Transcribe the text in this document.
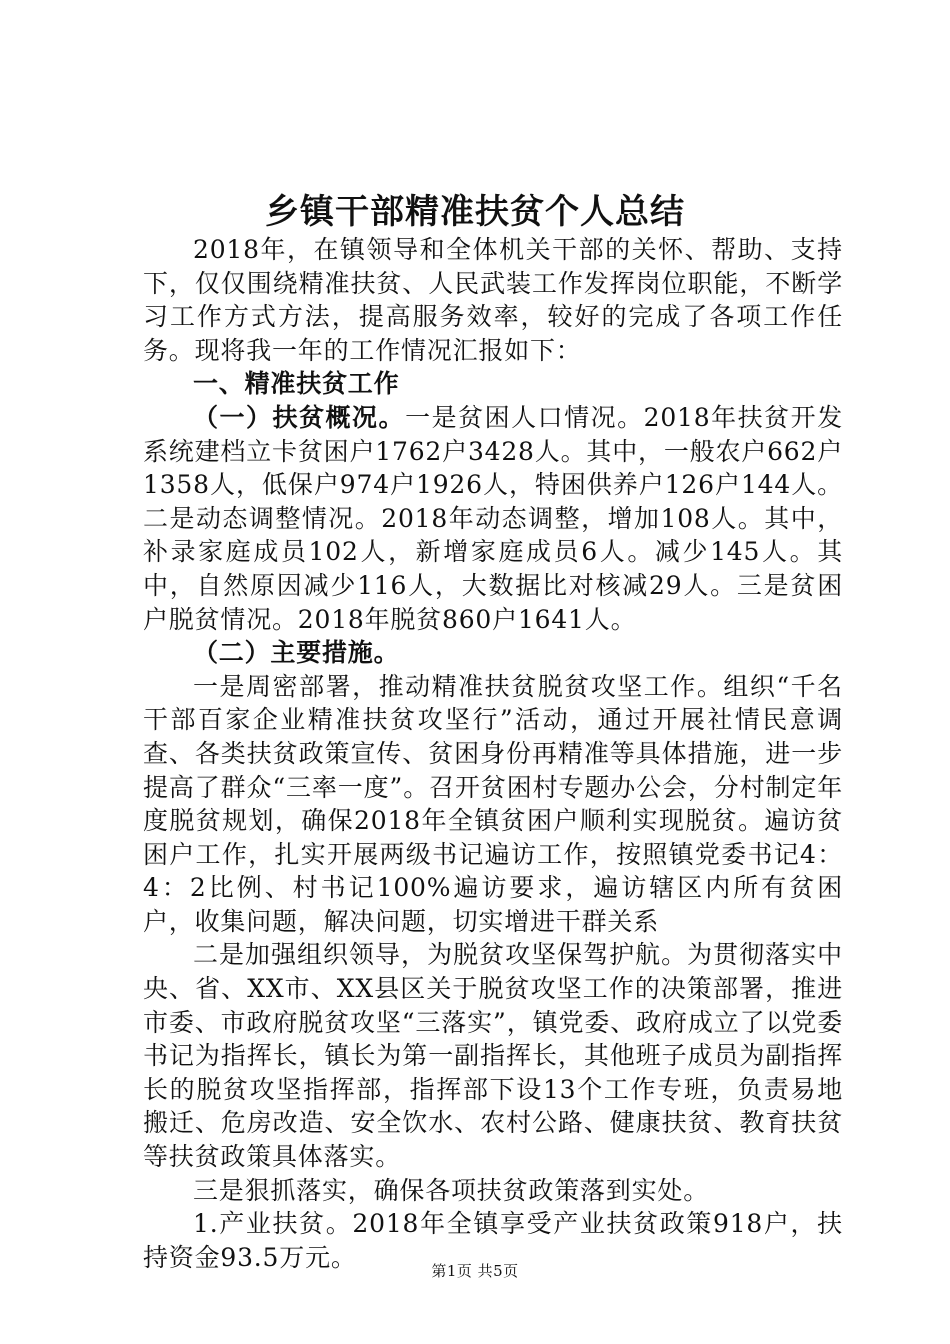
乡镇干部精准扶贫个人总结

2018年，在镇领导和全体机关干部的关怀、帮助、支持下，仅仅围绕精准扶贫、人民武装工作发挥岗位职能，不断学习工作方式方法，提高服务效率，较好的完成了各项工作任务。现将我一年的工作情况汇报如下：

一、精准扶贫工作

（一）扶贫概况。一是贫困人口情况。2018年扶贫开发系统建档立卡贫困户1762户3428人。其中，一般农户662户1358人，低保户974户1926人，特困供养户126户144人。二是动态调整情况。2018年动态调整，增加108人。其中，补录家庭成员102人，新增家庭成员6人。减少145人。其中，自然原因减少116人，大数据比对核减29人。三是贫困户脱贫情况。2018年脱贫860户1641人。

（二）主要措施。

一是周密部署，推动精准扶贫脱贫攻坚工作。组织“千名干部百家企业精准扶贫攻坚行”活动，通过开展社情民意调查、各类扶贫政策宣传、贫困身份再精准等具体措施，进一步提高了群众“三率一度”。召开贫困村专题办公会，分村制定年度脱贫规划，确保2018年全镇贫困户顺利实现脱贫。遍访贫困户工作，扎实开展两级书记遍访工作，按照镇党委书记4：4：2比例、村书记100%遍访要求，遍访辖区内所有贫困户，收集问题，解决问题，切实增进干群关系

二是加强组织领导，为脱贫攻坚保驾护航。为贯彻落实中央、省、XX市、XX县区关于脱贫攻坚工作的决策部署，推进市委、市政府脱贫攻坚“三落实”，镇党委、政府成立了以党委书记为指挥长，镇长为第一副指挥长，其他班子成员为副指挥长的脱贫攻坚指挥部，指挥部下设13个工作专班，负责易地搬迁、危房改造、安全饮水、农村公路、健康扶贫、教育扶贫等扶贫政策具体落实。

三是狠抓落实，确保各项扶贫政策落到实处。

1.产业扶贫。2018年全镇享受产业扶贫政策918户，扶持资金93.5万元。	第1页 共5页
